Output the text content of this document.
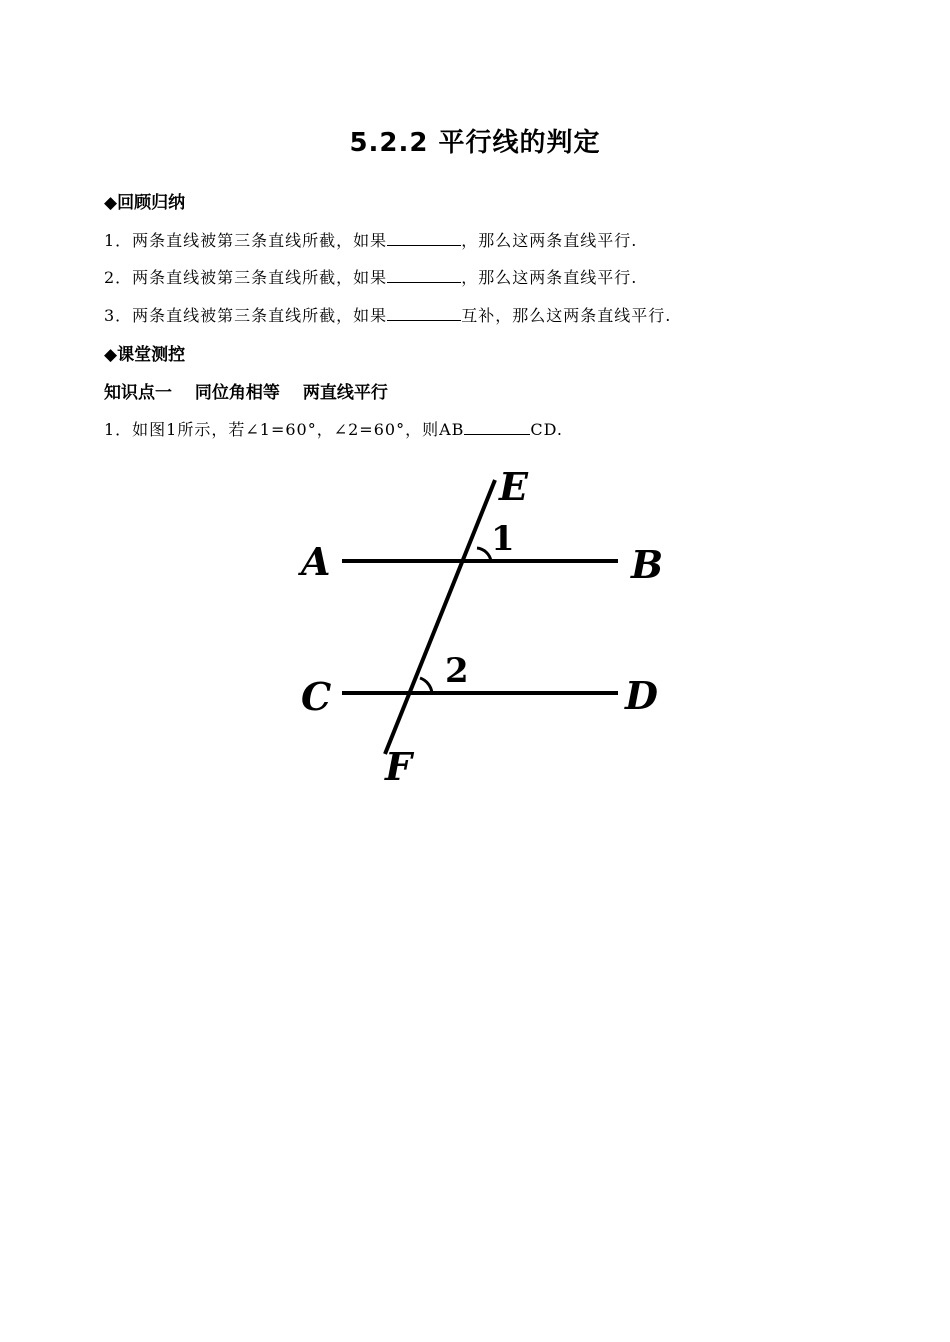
5.2.2 平行线的判定
◆回顾归纳
1．两条直线被第三条直线所截，如果	，那么这两条直线平行.
2．两条直线被第三条直线所截，如果	，那么这两条直线平行.
3．两条直线被第三条直线所截，如果	互补，那么这两条直线平行.
◆课堂测控
知识点一　 同位角相等　 两直线平行
1．如图1所示，若∠1=60°，∠2=60°，则AB	CD.
A	B
C	D
E
F
1
2
